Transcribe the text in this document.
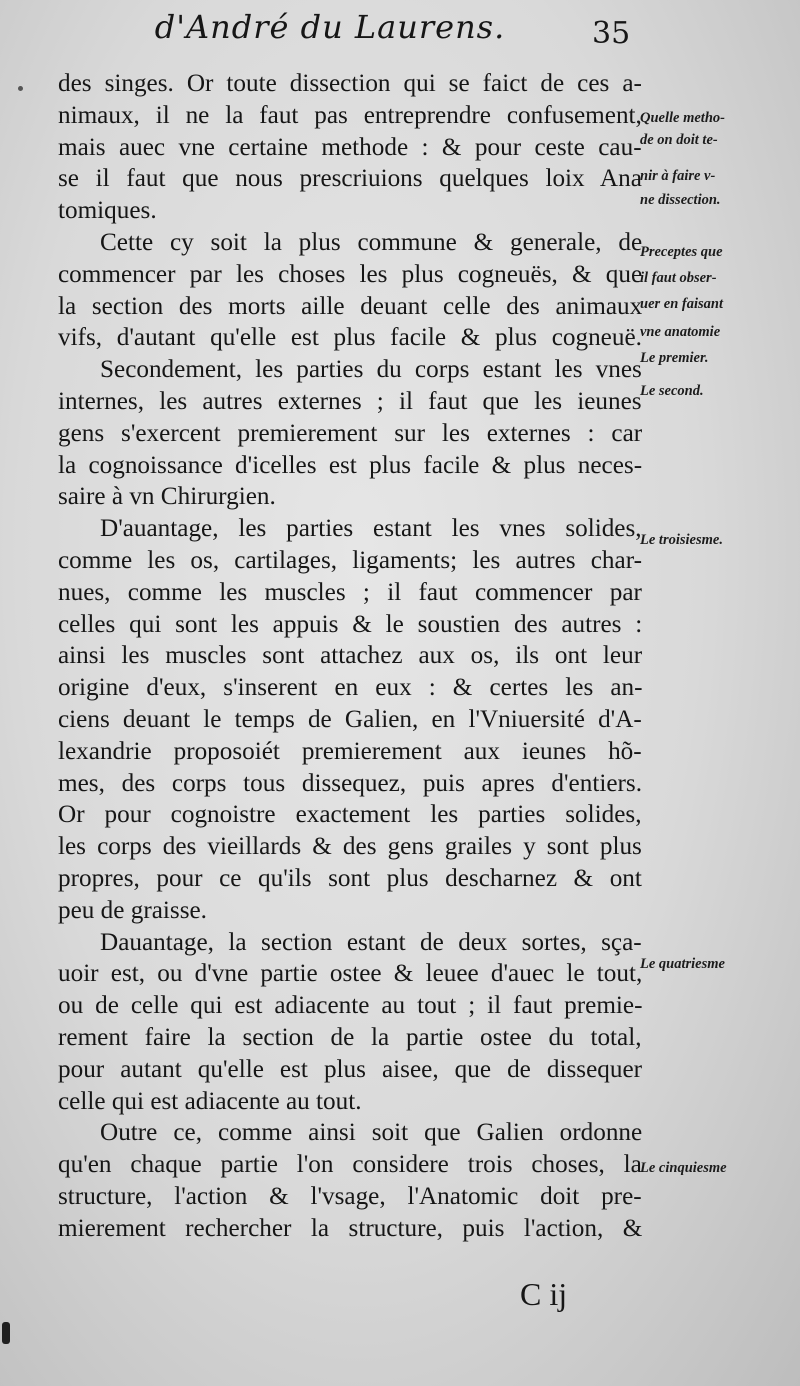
d'André du Laurens.	35
des singes. Or toute dissection qui se faict de ces a-
nimaux, il ne la faut pas entreprendre confusement,
mais auec vne certaine methode : & pour ceste cau-
se il faut que nous prescriuions quelques loix Ana
tomiques.
Cette cy soit la plus commune & generale, de
commencer par les choses les plus cogneuës, & que
la section des morts aille deuant celle des animaux
vifs, d'autant qu'elle est plus facile & plus cogneuë.
Secondement, les parties du corps estant les vnes
internes, les autres externes ; il faut que les ieunes
gens s'exercent premierement sur les externes : car
la cognoissance d'icelles est plus facile & plus neces-
saire à vn Chirurgien.
D'auantage, les parties estant les vnes solides,
comme les os, cartilages, ligaments; les autres char-
nues, comme les muscles ; il faut commencer par
celles qui sont les appuis & le soustien des autres :
ainsi les muscles sont attachez aux os, ils ont leur
origine d'eux, s'inserent en eux : & certes les an-
ciens deuant le temps de Galien, en l'Vniuersité d'A-
lexandrie proposoiét premierement aux ieunes hõ-
mes, des corps tous dissequez, puis apres d'entiers.
Or pour cognoistre exactement les parties solides,
les corps des vieillards & des gens grailes y sont plus
propres, pour ce qu'ils sont plus descharnez & ont
peu de graisse.
Dauantage, la section estant de deux sortes, sça-
uoir est, ou d'vne partie ostee & leuee d'auec le tout,
ou de celle qui est adiacente au tout ; il faut premie-
rement faire la section de la partie ostee du total,
pour autant qu'elle est plus aisee, que de dissequer
celle qui est adiacente au tout.
Outre ce, comme ainsi soit que Galien ordonne
qu'en chaque partie l'on considere trois choses, la
structure, l'action & l'vsage, l'Anatomic doit pre-
mierement rechercher la structure, puis l'action, &
Quelle metho-
de on doit te-
nir à faire v-
ne dissection.
Preceptes que
il faut obser-
uer en faisant
vne anatomie
Le premier.
Le second.
Le troisiesme.
Le quatriesme
Le cinquiesme
C ij
